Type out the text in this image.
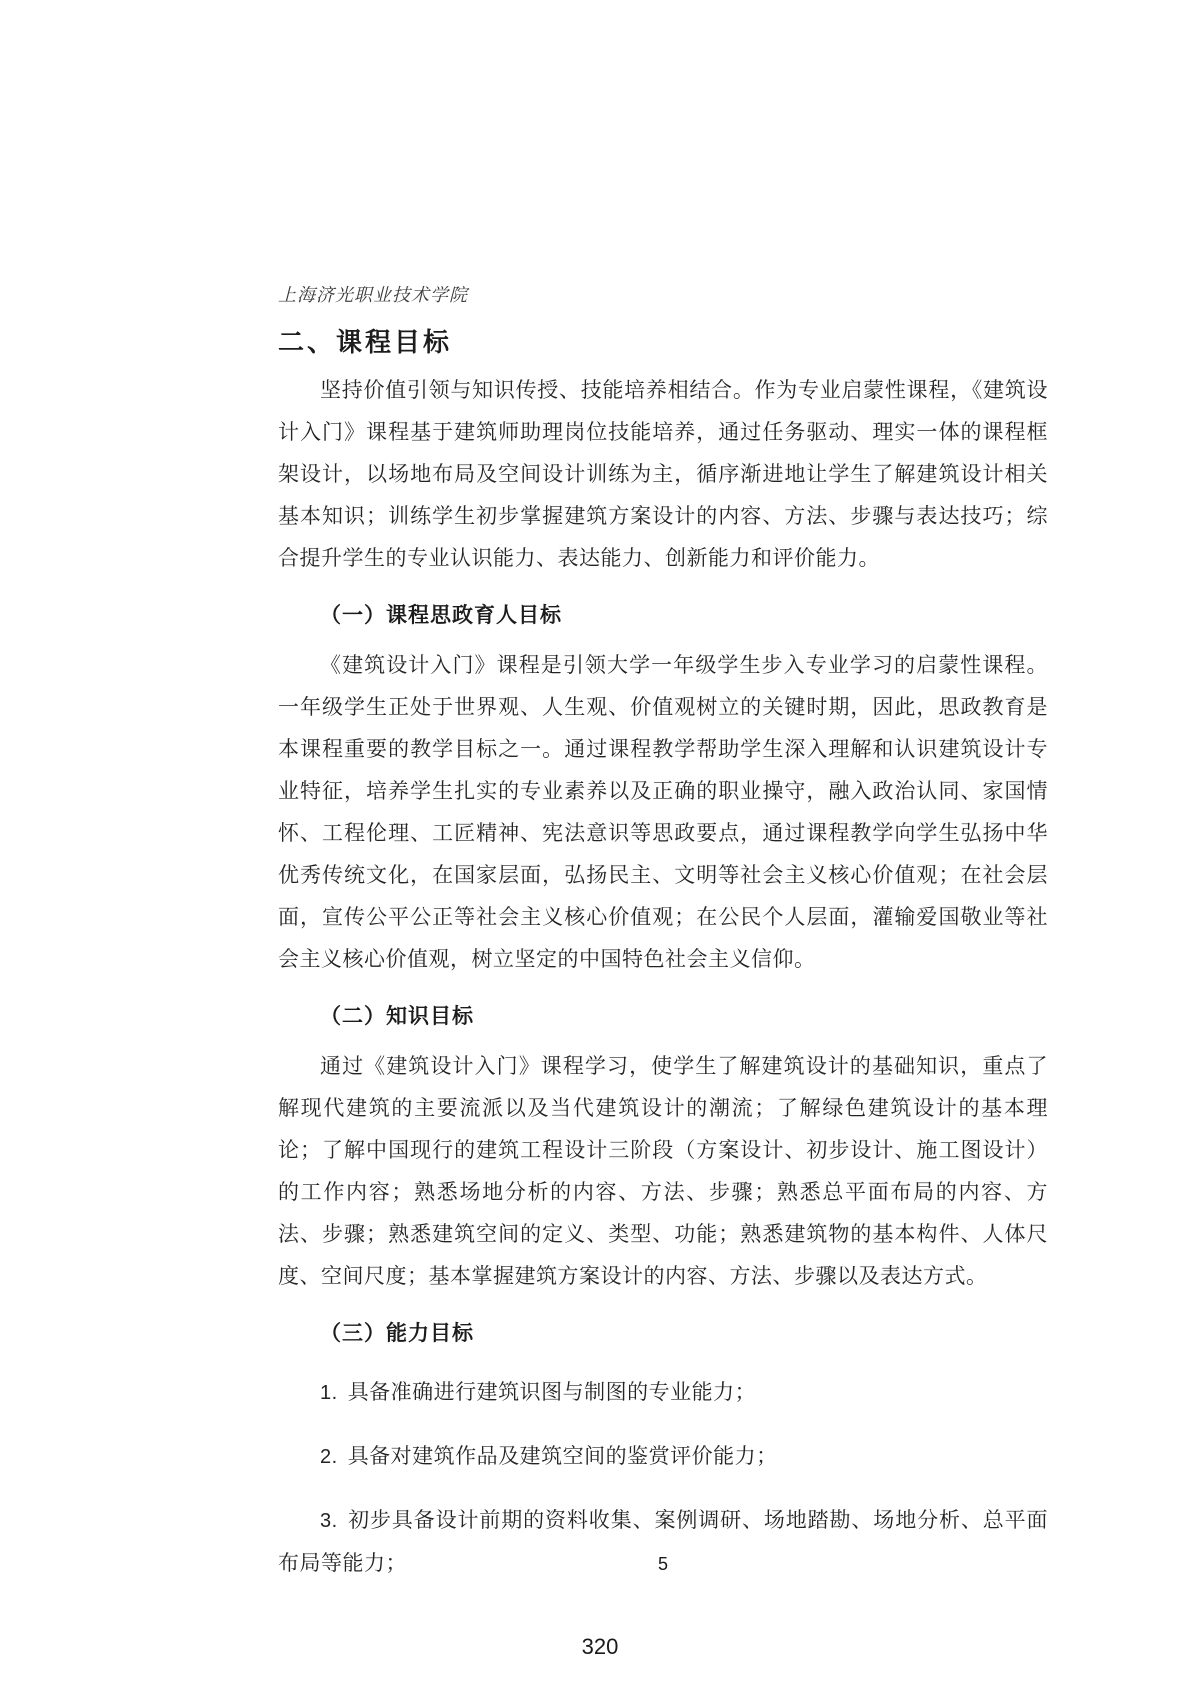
上海济光职业技术学院
二、课程目标

坚持价值引领与知识传授、技能培养相结合。作为专业启蒙性课程，《建筑设计入门》课程基于建筑师助理岗位技能培养，通过任务驱动、理实一体的课程框架设计，以场地布局及空间设计训练为主，循序渐进地让学生了解建筑设计相关基本知识；训练学生初步掌握建筑方案设计的内容、方法、步骤与表达技巧；综合提升学生的专业认识能力、表达能力、创新能力和评价能力。

（一）课程思政育人目标

《建筑设计入门》课程是引领大学一年级学生步入专业学习的启蒙性课程。一年级学生正处于世界观、人生观、价值观树立的关键时期，因此，思政教育是本课程重要的教学目标之一。通过课程教学帮助学生深入理解和认识建筑设计专业特征，培养学生扎实的专业素养以及正确的职业操守，融入政治认同、家国情怀、工程伦理、工匠精神、宪法意识等思政要点，通过课程教学向学生弘扬中华优秀传统文化，在国家层面，弘扬民主、文明等社会主义核心价值观；在社会层面，宣传公平公正等社会主义核心价值观；在公民个人层面，灌输爱国敬业等社会主义核心价值观，树立坚定的中国特色社会主义信仰。

（二）知识目标

通过《建筑设计入门》课程学习，使学生了解建筑设计的基础知识，重点了解现代建筑的主要流派以及当代建筑设计的潮流；了解绿色建筑设计的基本理论；了解中国现行的建筑工程设计三阶段（方案设计、初步设计、施工图设计）的工作内容；熟悉场地分析的内容、方法、步骤；熟悉总平面布局的内容、方法、步骤；熟悉建筑空间的定义、类型、功能；熟悉建筑物的基本构件、人体尺度、空间尺度；基本掌握建筑方案设计的内容、方法、步骤以及表达方式。

（三）能力目标

1. 具备准确进行建筑识图与制图的专业能力；

2. 具备对建筑作品及建筑空间的鉴赏评价能力；

3. 初步具备设计前期的资料收集、案例调研、场地踏勘、场地分析、总平面布局等能力；	5
320
